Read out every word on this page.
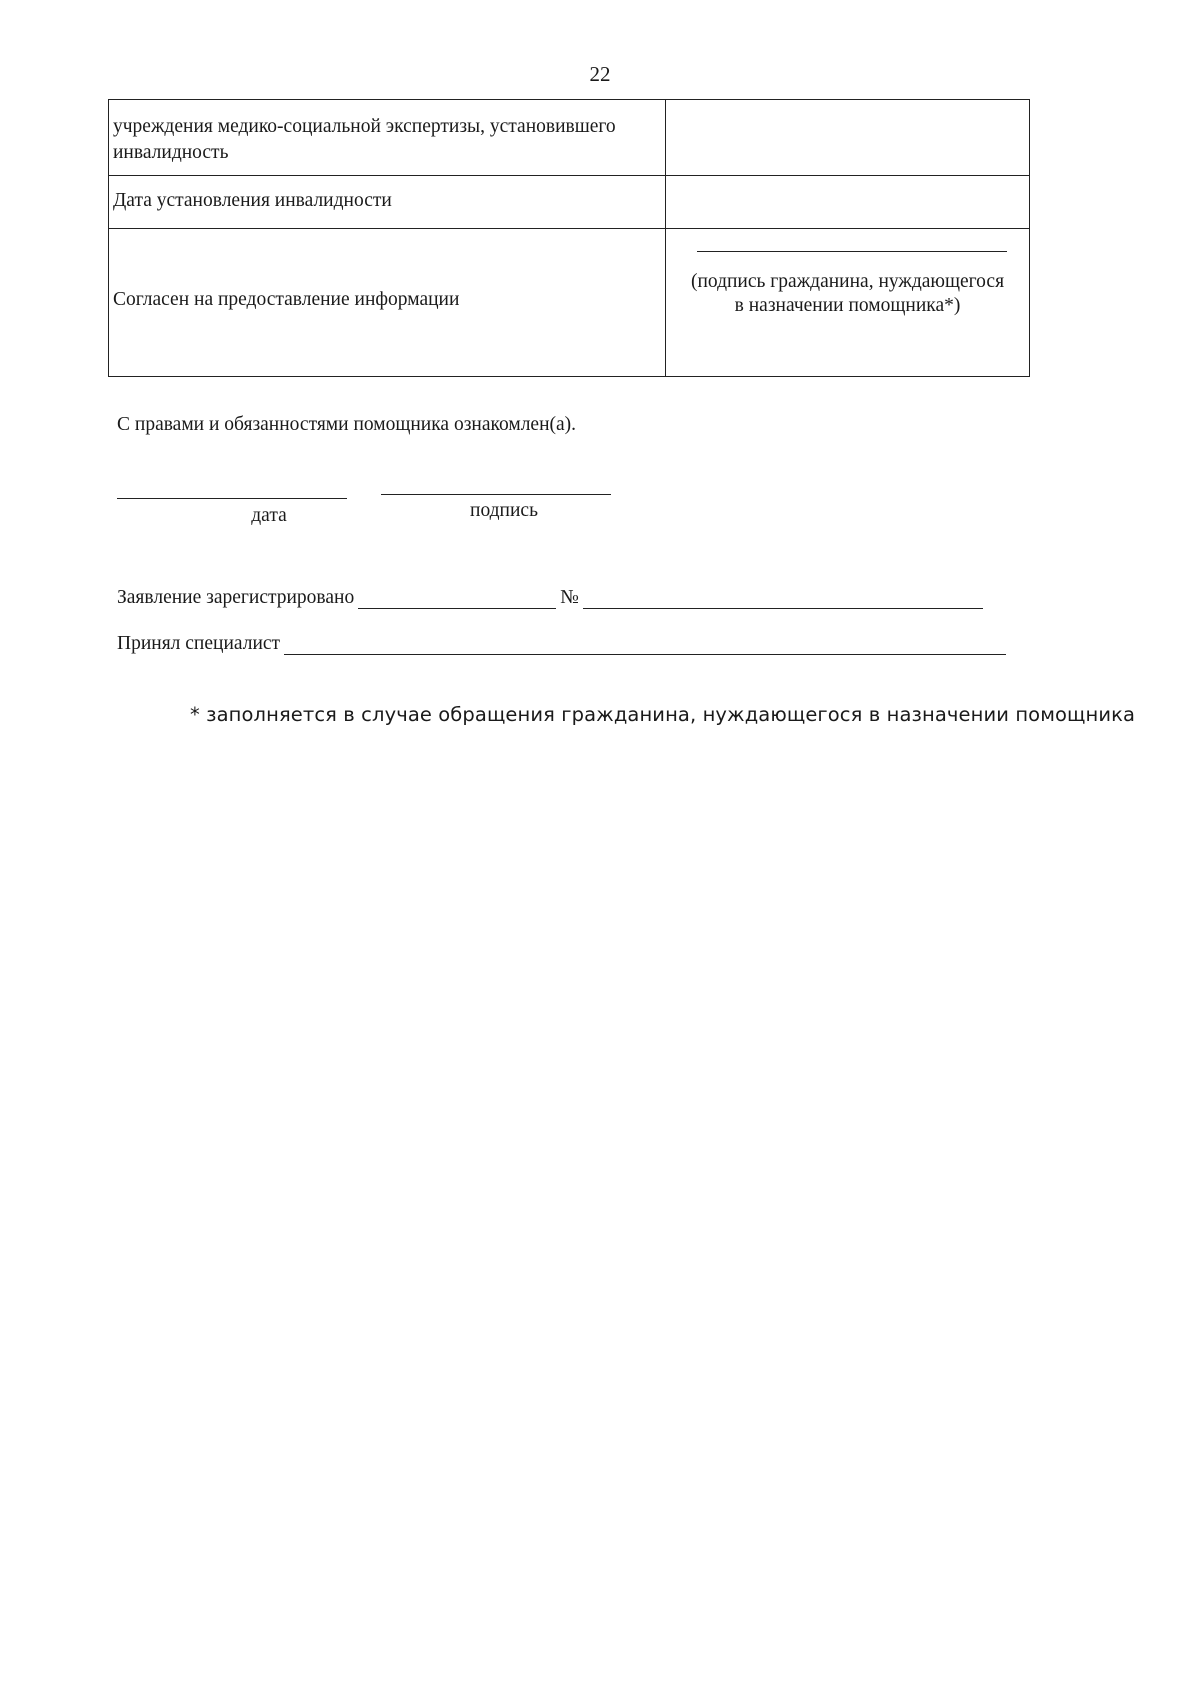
22
учреждения медико-социальной экспертизы, установившего инвалидность
Дата установления инвалидности
Согласен на предоставление информации
(подпись гражданина, нуждающегося в назначении помощника*)
С правами и обязанностями помощника ознакомлен(а).
дата	подпись
Заявление зарегистрировано	№
Принял специалист
* заполняется в случае обращения гражданина, нуждающегося в назначении помощника
